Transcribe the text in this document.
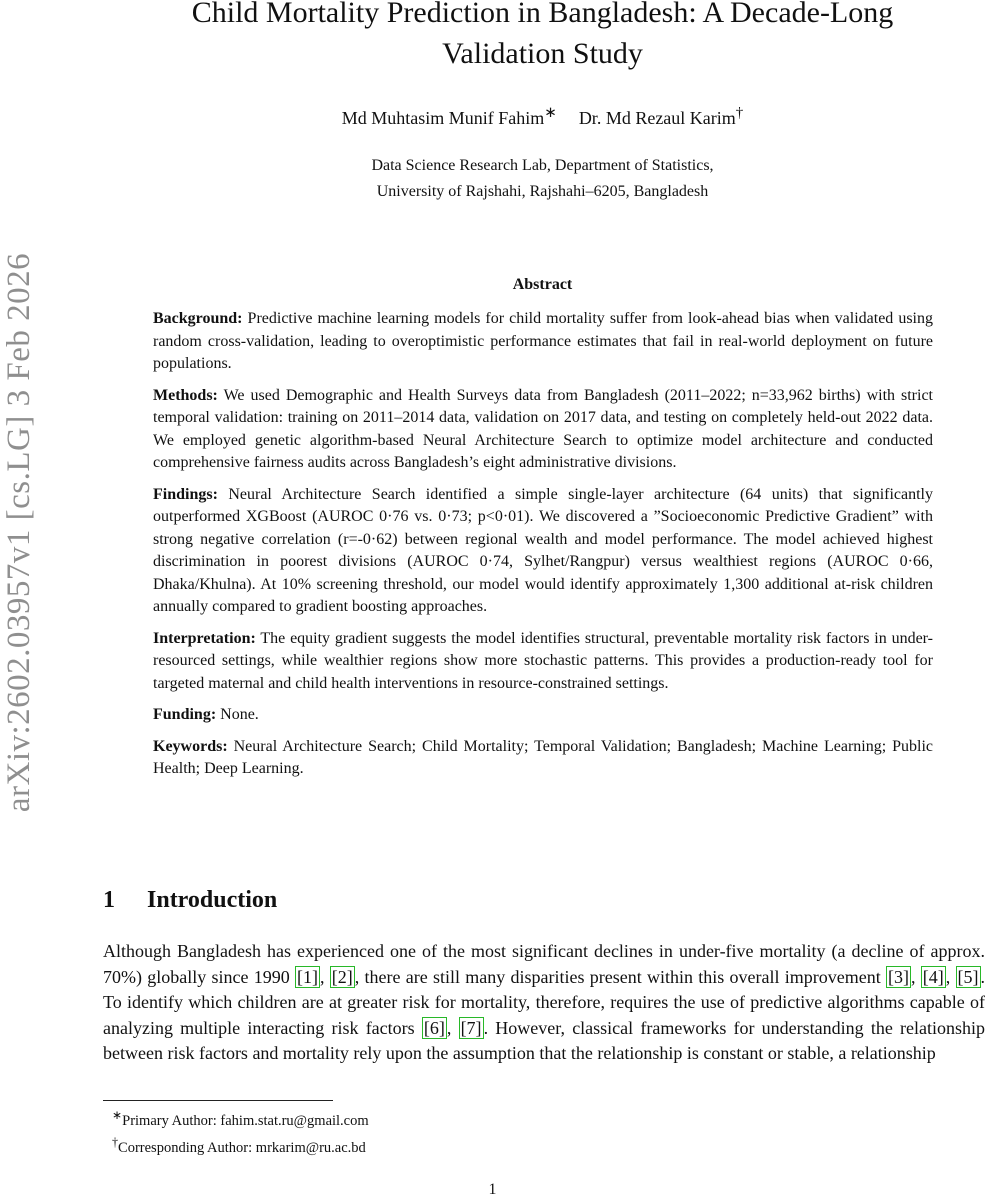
arXiv:2602.03957v1 [cs.LG] 3 Feb 2026
Child Mortality Prediction in Bangladesh: A Decade-Long
Validation Study
Md Muhtasim Munif Fahim∗ Dr. Md Rezaul Karim†
Data Science Research Lab, Department of Statistics,
University of Rajshahi, Rajshahi–6205, Bangladesh
Abstract

Background: Predictive machine learning models for child mortality suffer from look-ahead bias when validated using random cross-validation, leading to overoptimistic performance estimates that fail in real-world deployment on future populations.

Methods: We used Demographic and Health Surveys data from Bangladesh (2011–2022; n=33,962 births) with strict temporal validation: training on 2011–2014 data, validation on 2017 data, and testing on completely held-out 2022 data. We employed genetic algorithm-based Neural Architecture Search to optimize model architecture and conducted comprehensive fairness audits across Bangladesh’s eight administrative divisions.

Findings: Neural Architecture Search identified a simple single-layer architecture (64 units) that significantly outperformed XGBoost (AUROC 0·76 vs. 0·73; p<0·01). We discovered a ”Socioeconomic Predictive Gradient” with strong negative correlation (r=-0·62) between regional wealth and model performance. The model achieved highest discrimination in poorest divisions (AUROC 0·74, Sylhet/Rangpur) versus wealthiest regions (AUROC 0·66, Dhaka/Khulna). At 10% screening threshold, our model would identify approximately 1,300 additional at-risk children annually compared to gradient boosting approaches.

Interpretation: The equity gradient suggests the model identifies structural, preventable mortality risk factors in under-resourced settings, while wealthier regions show more stochastic patterns. This provides a production-ready tool for targeted maternal and child health interventions in resource-constrained settings.

Funding: None.

Keywords: Neural Architecture Search; Child Mortality; Temporal Validation; Bangladesh; Machine Learning; Public Health; Deep Learning.

1 Introduction

Although Bangladesh has experienced one of the most significant declines in under-five mortality (a decline of approx. 70%) globally since 1990 [1] , [2] , there are still many disparities present within this overall improvement [3] , [4] , [5] . To identify which children are at greater risk for mortality, therefore, requires the use of predictive algorithms capable of analyzing multiple interacting risk factors [6] , [7] . However, classical frameworks for understanding the relationship between risk factors and mortality rely upon the assumption that the relationship is constant or stable, a relationship

∗Primary Author: fahim.stat.ru@gmail.com
†Corresponding Author: mrkarim@ru.ac.bd
1
